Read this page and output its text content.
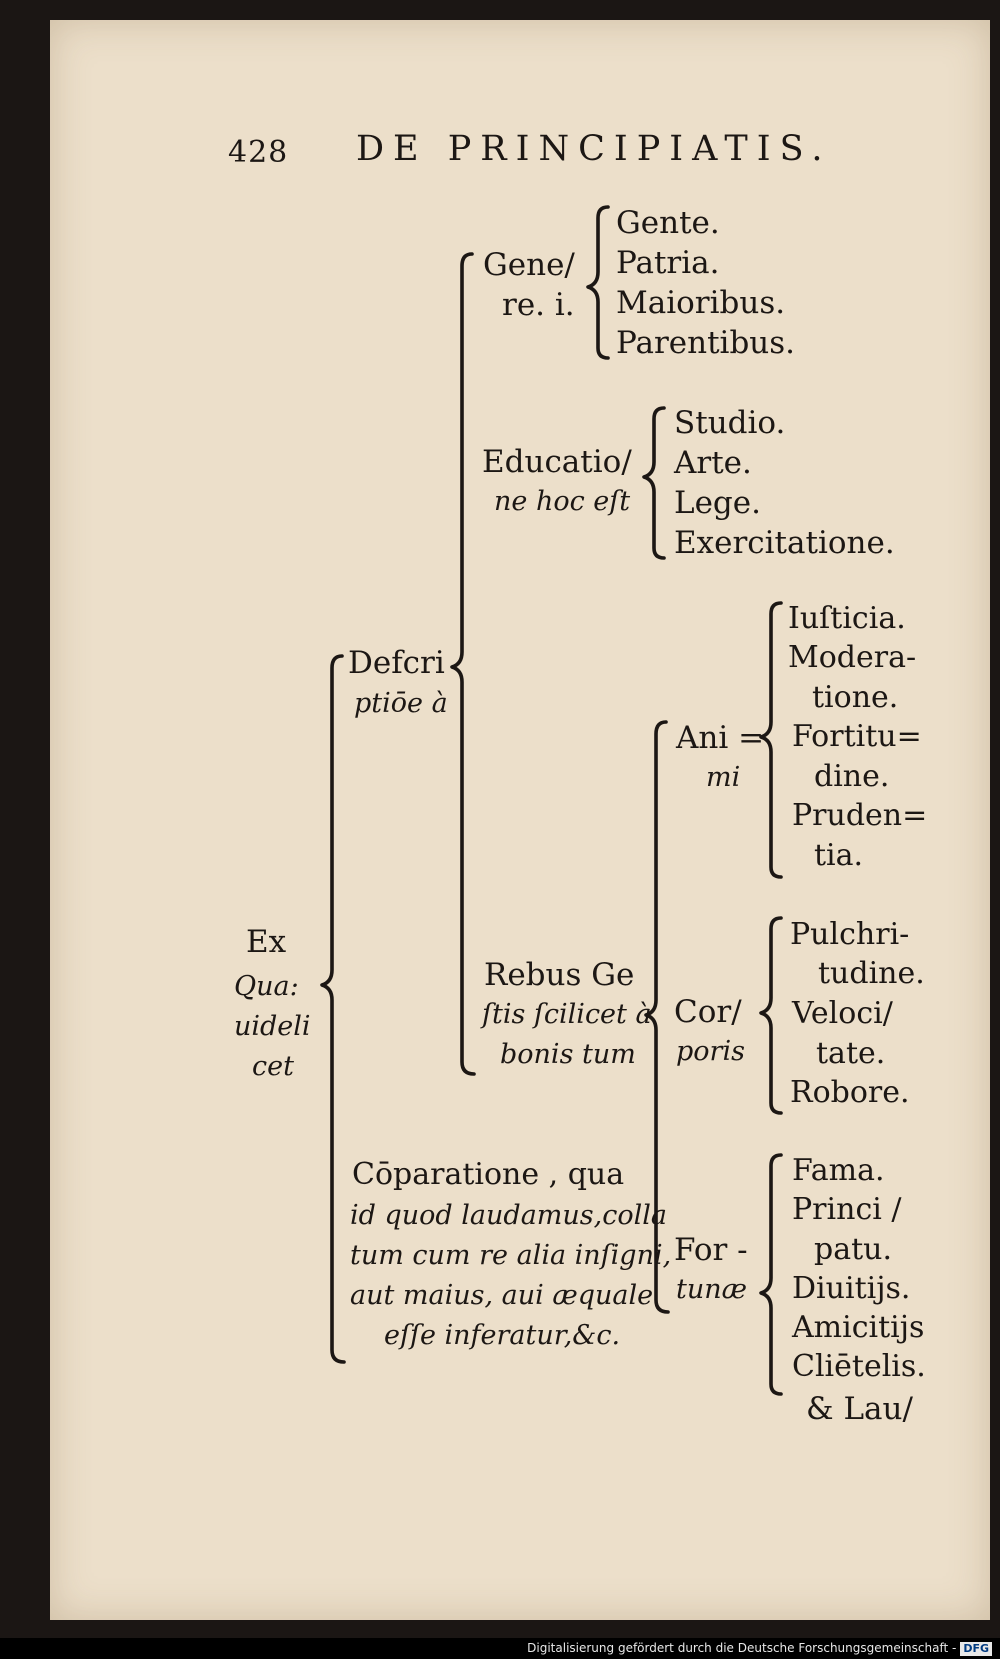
428 DE PRINCIPIATIS.
Ex
Qua:
uideli
cet
Defcri
ptiōe à
Gene/
re. i.
Gente.
Patria.
Maioribus.
Parentibus.
Educatio/
ne hoc eſt
Studio.
Arte.
Lege.
Exercitatione.
Rebus Ge
ſtis ſcilicet à
bonis tum
Ani =
mi
Iuſticia.
Modera-
tione.
Fortitu=
dine.
Pruden=
tia.
Cor/
poris
Pulchri-
tudine.
Veloci/
tate.
Robore.
For -
tunæ
Fama.
Princi /
patu.
Diuitijs.
Amicitijs
Cliētelis.
Cōparatione , qua
id quod laudamus,colla
tum cum re alia inſigni,
aut maius, aui æquale
eſſe inferatur,&c.
& Lau/
Digitalisierung gefördert durch die Deutsche Forschungsgemeinschaft - DFG
